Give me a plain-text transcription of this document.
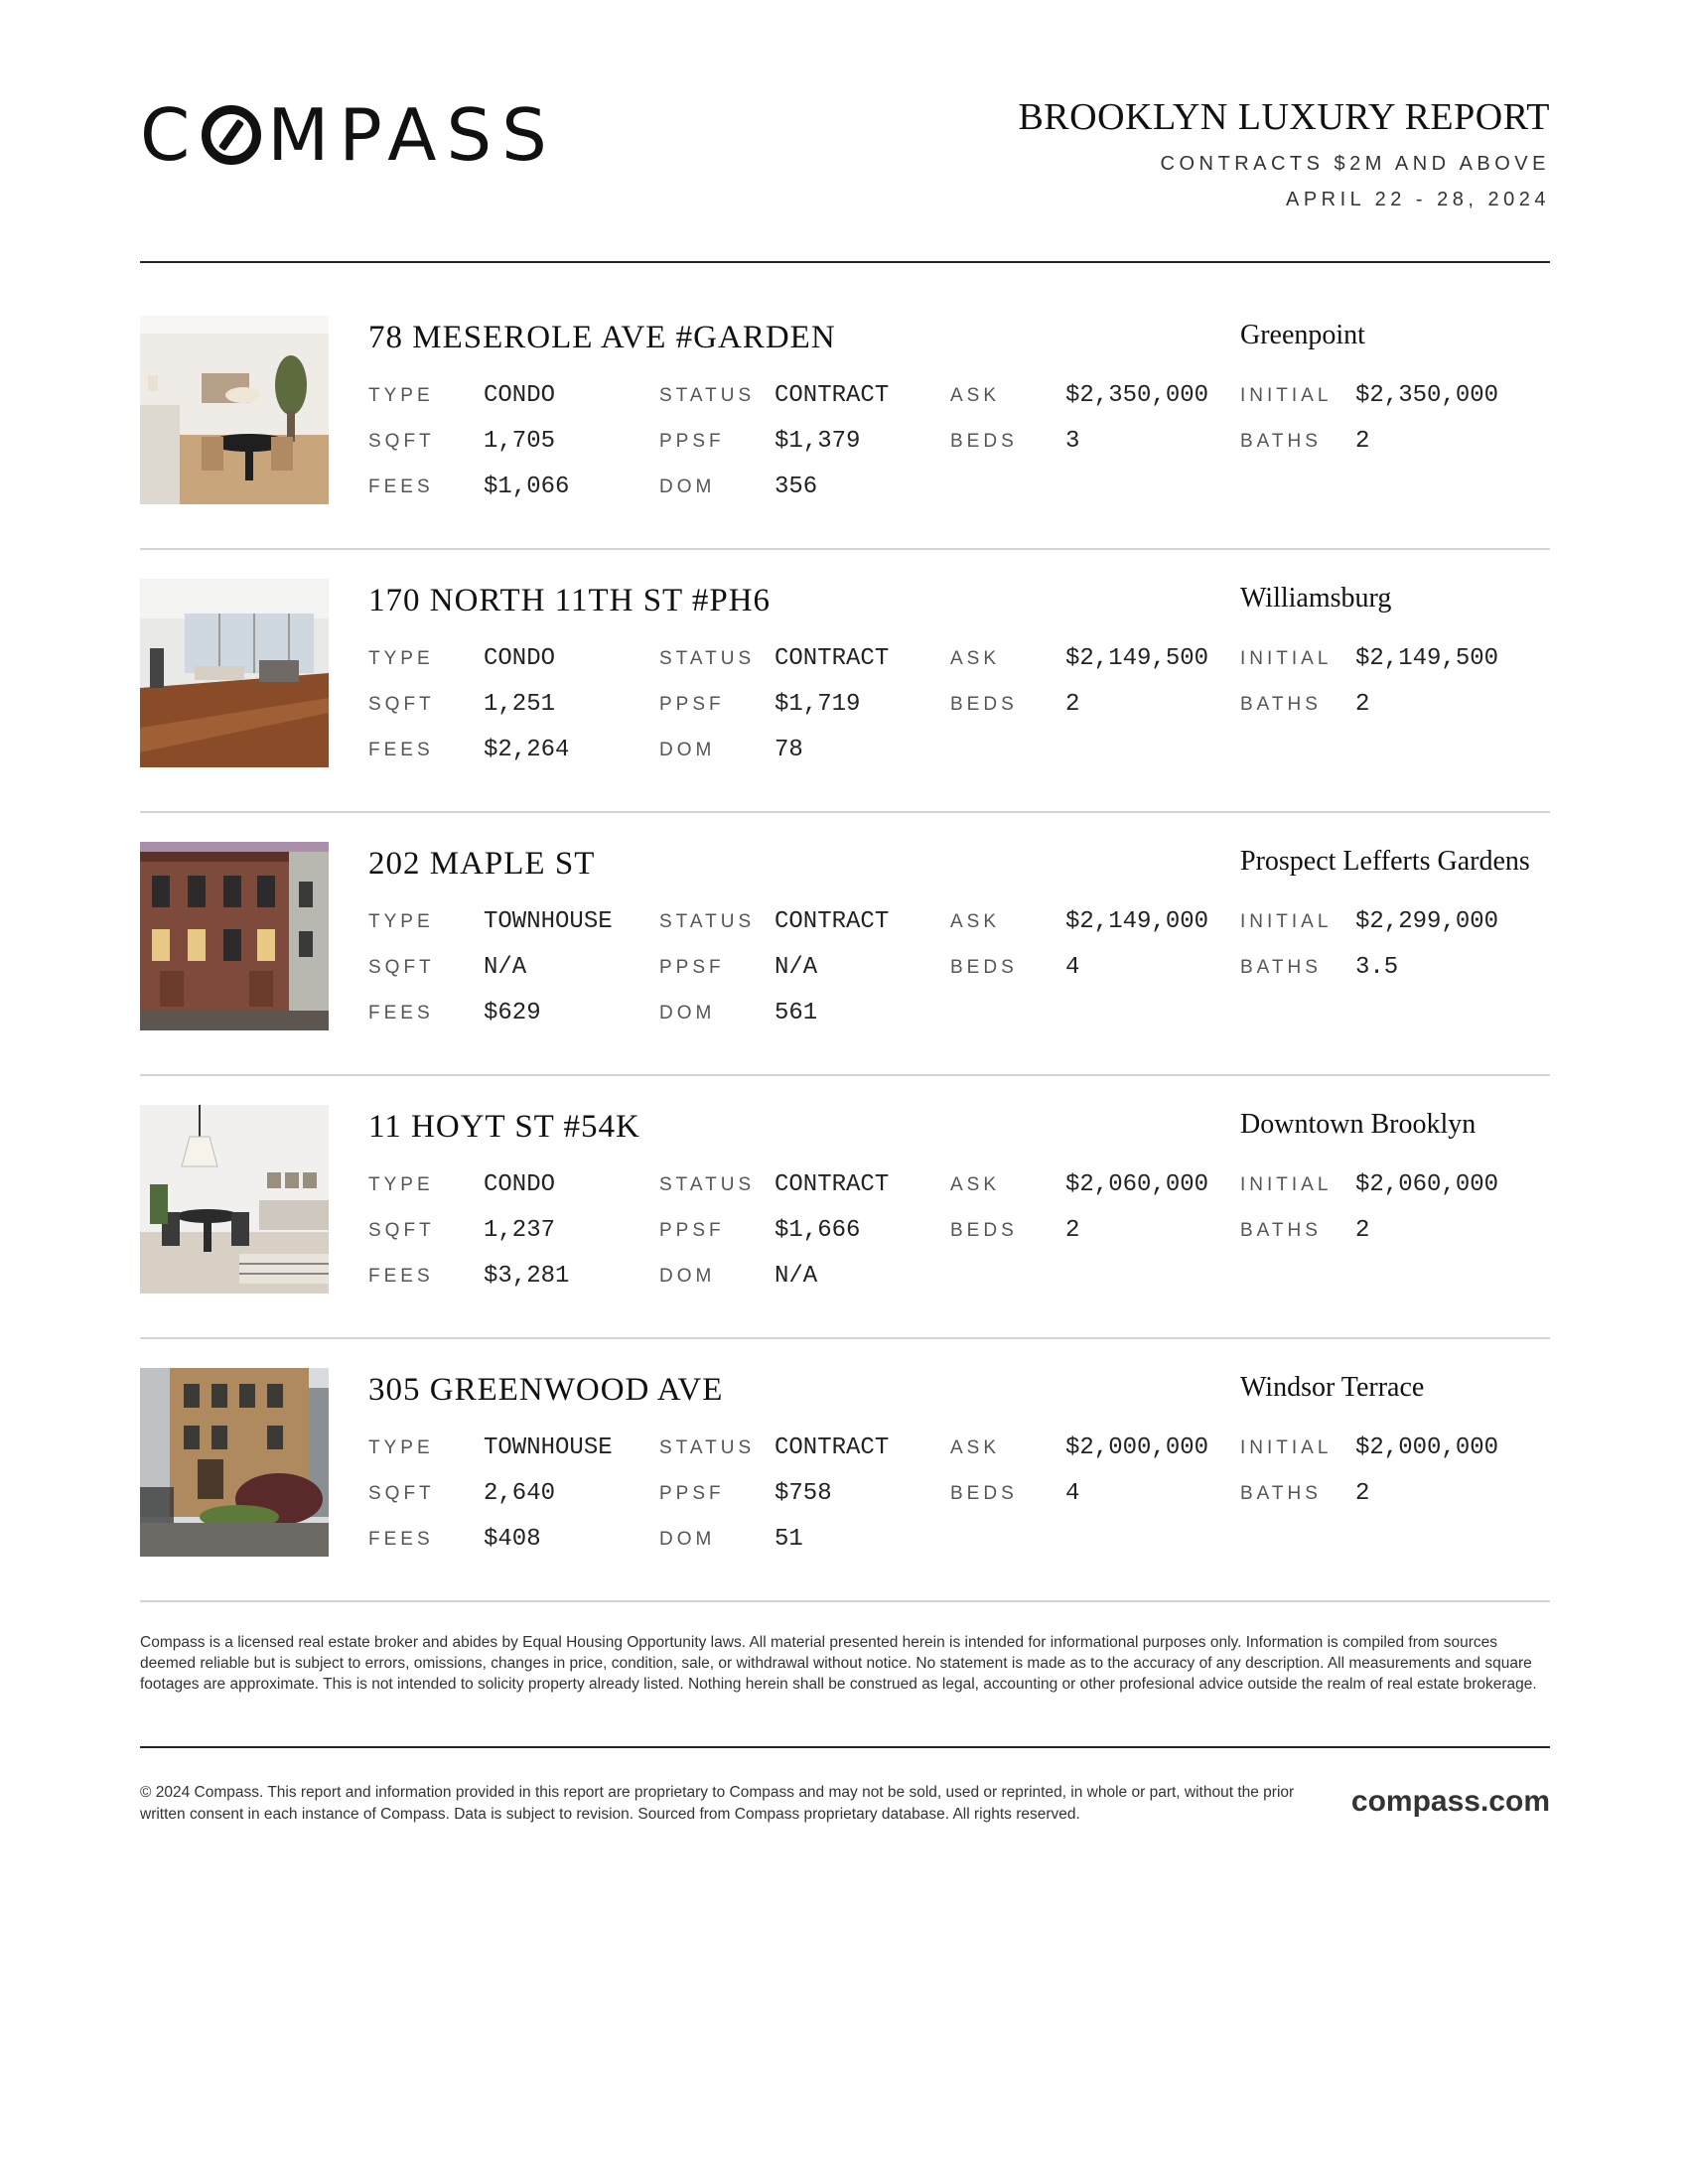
C MPASS	BROOKLYN LUXURY REPORT
CONTRACTS $2M AND ABOVE
APRIL 22 - 28, 2024
78 MESEROLE AVE #GARDEN	Greenpoint
TYPE CONDO	STATUS CONTRACT	ASK	$2,350,000 INITIAL $2,350,000
SQFT 1,705	PPSF $1,379	BEDS 3	BATHS 2
FEES $1,066	DOM 356
170 NORTH 11TH ST #PH6	Williamsburg
TYPE CONDO	STATUS CONTRACT	ASK	$2,149,500 INITIAL $2,149,500
SQFT 1,251	PPSF $1,719	BEDS 2	BATHS 2
FEES $2,264	DOM 78
202 MAPLE ST	Prospect Lefferts Gardens
TYPE TOWNHOUSE STATUS CONTRACT	ASK	$2,149,000 INITIAL $2,299,000
SQFT N/A	PPSF N/A	BEDS 4	BATHS 3.5
FEES $629	DOM 561
11 HOYT ST #54K	Downtown Brooklyn
TYPE CONDO	STATUS CONTRACT	ASK	$2,060,000 INITIAL $2,060,000
SQFT 1,237	PPSF $1,666	BEDS 2	BATHS 2
FEES $3,281	DOM N/A
305 GREENWOOD AVE	Windsor Terrace
TYPE TOWNHOUSE STATUS CONTRACT	ASK	$2,000,000 INITIAL $2,000,000
SQFT 2,640	PPSF $758	BEDS 4	BATHS 2
FEES $408	DOM 51
Compass is a licensed real estate broker and abides by Equal Housing Opportunity laws. All material presented herein is intended for informational purposes only. Information is compiled from sources deemed reliable but is subject to errors, omissions, changes in price, condition, sale, or withdrawal without notice. No statement is made as to the accuracy of any description. All measurements and square footages are approximate. This is not intended to solicity property already listed. Nothing herein shall be construed as legal, accounting or other profesional advice outside the realm of real estate brokerage.
© 2024 Compass. This report and information provided in this report are proprietary to Compass and may not be sold, used or reprinted, in whole or part, without the prior written consent in each instance of Compass. Data is subject to revision. Sourced from Compass proprietary database. All rights reserved.	compass.com
